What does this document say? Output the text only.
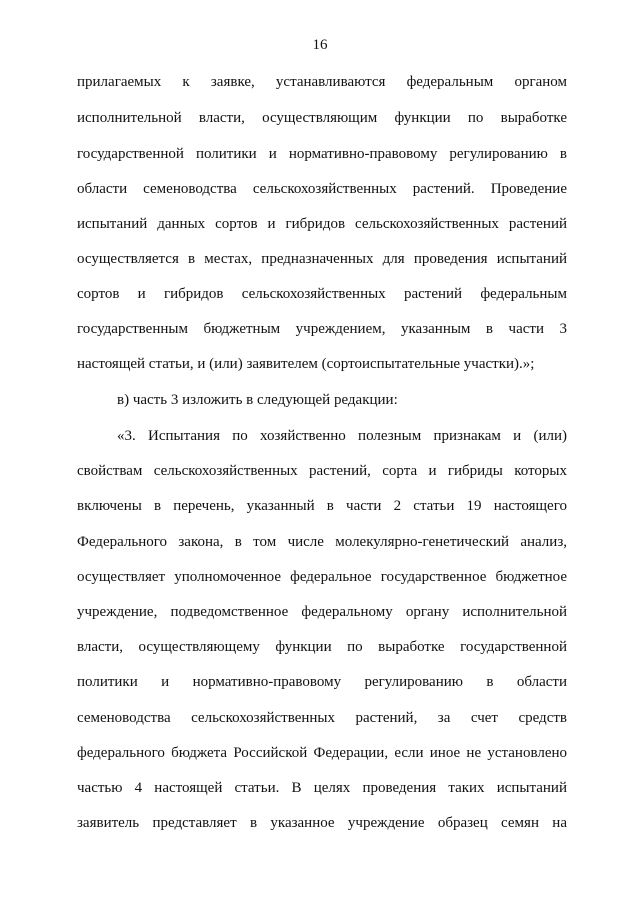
16
прилагаемых к заявке, устанавливаются федеральным органом
исполнительной власти, осуществляющим функции по выработке
государственной политики и нормативно-правовому регулированию в
области семеноводства сельскохозяйственных растений. Проведение
испытаний данных сортов и гибридов сельскохозяйственных растений
осуществляется в местах, предназначенных для проведения испытаний
сортов и гибридов сельскохозяйственных растений федеральным
государственным бюджетным учреждением, указанным в части 3
настоящей статьи, и (или) заявителем (сортоиспытательные участки).»;
в) часть 3 изложить в следующей редакции:
«3. Испытания по хозяйственно полезным признакам и (или)
свойствам сельскохозяйственных растений, сорта и гибриды которых
включены в перечень, указанный в части 2 статьи 19 настоящего
Федерального закона, в том числе молекулярно-генетический анализ,
осуществляет уполномоченное федеральное государственное бюджетное
учреждение, подведомственное федеральному органу исполнительной
власти, осуществляющему функции по выработке государственной
политики и нормативно-правовому регулированию в области
семеноводства сельскохозяйственных растений, за счет средств
федерального бюджета Российской Федерации, если иное не установлено
частью 4 настоящей статьи. В целях проведения таких испытаний
заявитель представляет в указанное учреждение образец семян на
